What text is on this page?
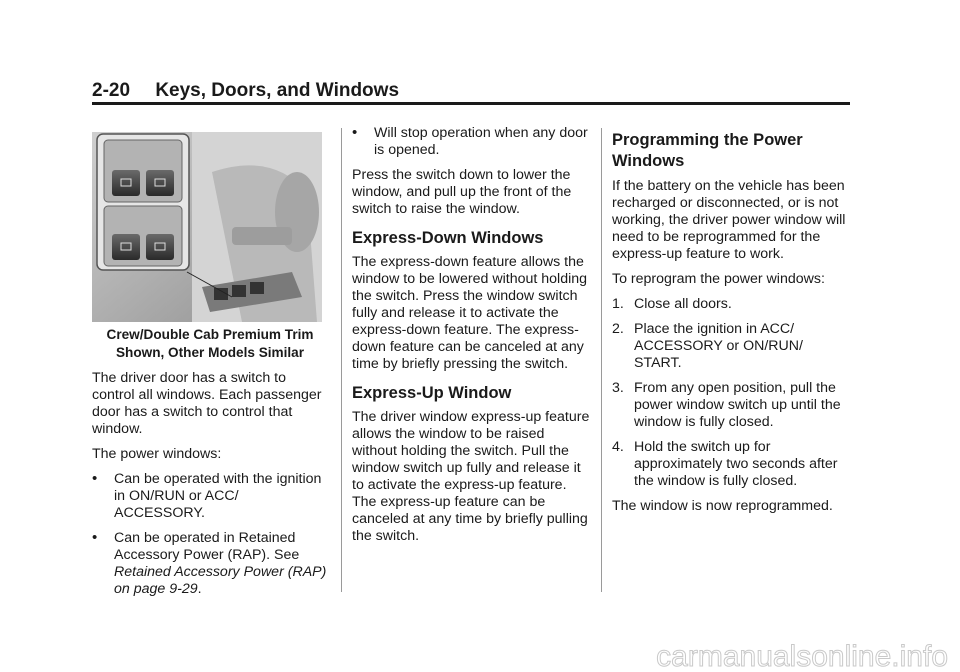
2-20 Keys, Doors, and Windows
Crew/Double Cab Premium Trim
Shown, Other Models Similar

The driver door has a switch to control all windows. Each passenger door has a switch to control that window.

The power windows:

• Can be operated with the ignition in ON/RUN or ACC/ ACCESSORY.
• Can be operated in Retained Accessory Power (RAP). See Retained Accessory Power (RAP) on page 9-29.
• Will stop operation when any door is opened.

Press the switch down to lower the window, and pull up the front of the switch to raise the window.

Express-Down Windows

The express-down feature allows the window to be lowered without holding the switch. Press the window switch fully and release it to activate the express-down feature. The express-down feature can be canceled at any time by briefly pressing the switch.

Express-Up Window

The driver window express-up feature allows the window to be raised without holding the switch. Pull the window switch up fully and release it to activate the express-up feature. The express-up feature can be canceled at any time by briefly pulling the switch.

Programming the Power Windows

If the battery on the vehicle has been recharged or disconnected, or is not working, the driver power window will need to be reprogrammed for the express-up feature to work.

To reprogram the power windows:

1. Close all doors.
2. Place the ignition in ACC/ ACCESSORY or ON/RUN/ START.
3. From any open position, pull the power window switch up until the window is fully closed.
4. Hold the switch up for approximately two seconds after the window is fully closed.

The window is now reprogrammed.

carmanualsonline.info
